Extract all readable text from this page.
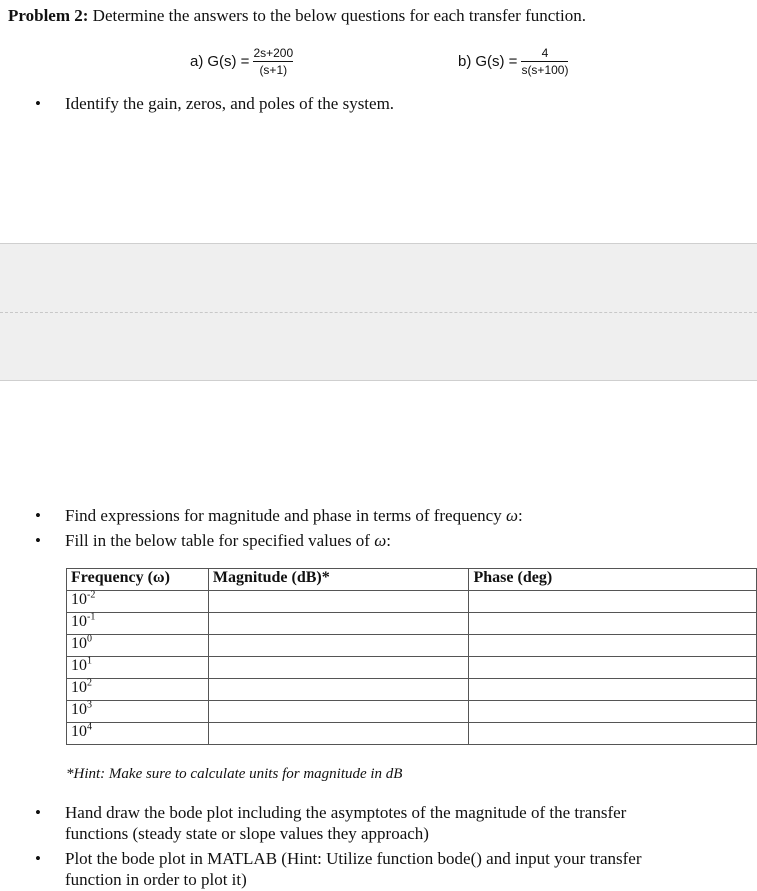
Problem 2: Determine the answers to the below questions for each transfer function.
a) $G(s) = \frac{2s+200}{(s+1)}$	b) $G(s) = \frac{4}{s(s+100)}$
• Identify the gain, zeros, and poles of the system.
• Find expressions for magnitude and phase in terms of frequency ω:
• Fill in the below table for specified values of ω:
Frequency (ω)	Magnitude (dB)*	Phase (deg)
$10^{-2}$		
$10^{-1}$		
$10^0$		
$10^1$		
$10^2$		
$10^3$		
$10^4$		
*Hint: Make sure to calculate units for magnitude in dB
• Hand draw the bode plot including the asymptotes of the magnitude of the transfer
functions (steady state or slope values they approach)
• Plot the bode plot in MATLAB (Hint: Utilize function bode() and input your transfer
function in order to plot it)
